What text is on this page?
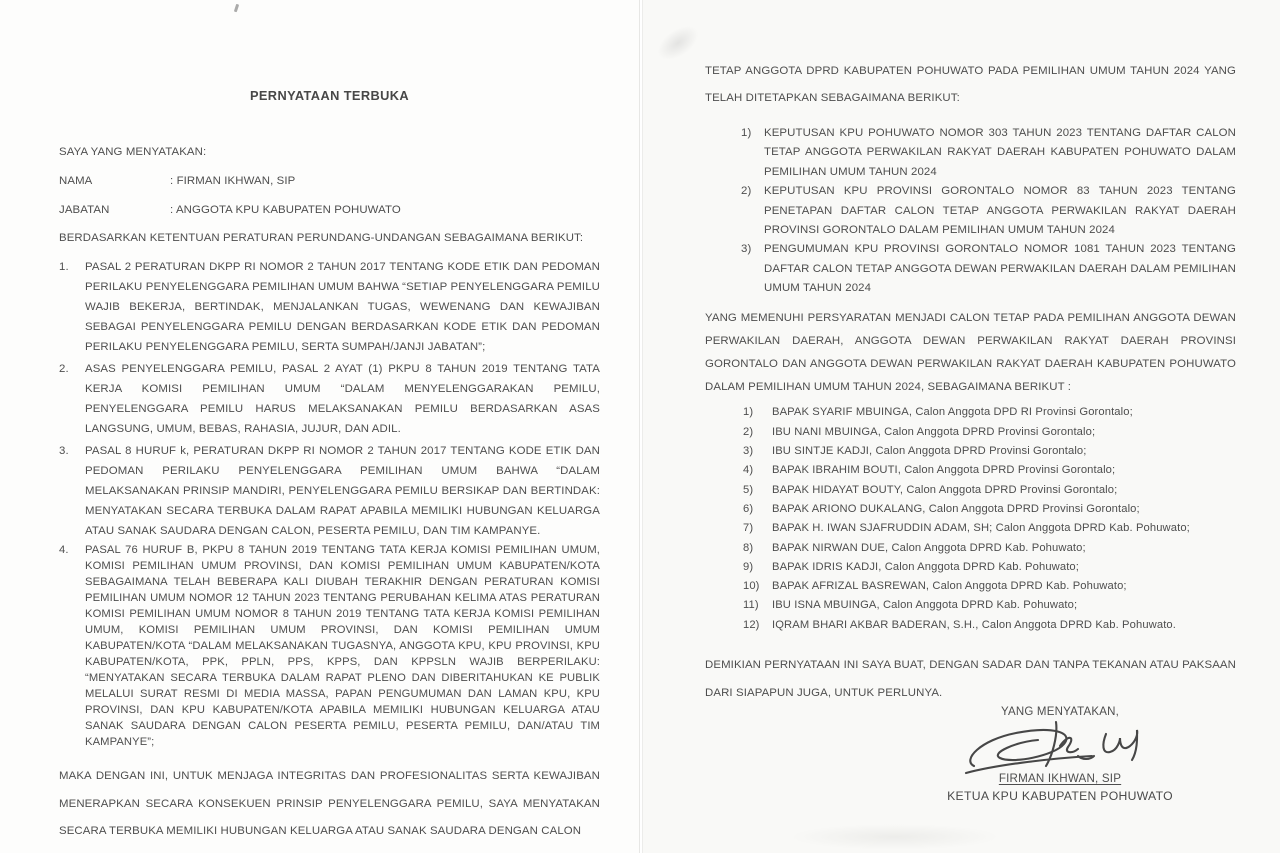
PERNYATAAN TERBUKA
SAYA YANG MENYATAKAN:
NAMA	: FIRMAN IKHWAN, SIP
JABATAN	: ANGGOTA KPU KABUPATEN POHUWATO
BERDASARKAN KETENTUAN PERATURAN PERUNDANG-UNDANGAN SEBAGAIMANA BERIKUT:
1.	PASAL 2 PERATURAN DKPP RI NOMOR 2 TAHUN 2017 TENTANG KODE ETIK DAN PEDOMAN PERILAKU PENYELENGGARA PEMILIHAN UMUM BAHWA “SETIAP PENYELENGGARA PEMILU WAJIB BEKERJA, BERTINDAK, MENJALANKAN TUGAS, WEWENANG DAN KEWAJIBAN SEBAGAI PENYELENGGARA PEMILU DENGAN BERDASARKAN KODE ETIK DAN PEDOMAN PERILAKU PENYELENGGARA PEMILU, SERTA SUMPAH/JANJI JABATAN”;
2.	ASAS PENYELENGGARA PEMILU, PASAL 2 AYAT (1) PKPU 8 TAHUN 2019 TENTANG TATA KERJA KOMISI PEMILIHAN UMUM “DALAM MENYELENGGARAKAN PEMILU, PENYELENGGARA PEMILU HARUS MELAKSANAKAN PEMILU BERDASARKAN ASAS LANGSUNG, UMUM, BEBAS, RAHASIA, JUJUR, DAN ADIL.
3.	PASAL 8 HURUF k, PERATURAN DKPP RI NOMOR 2 TAHUN 2017 TENTANG KODE ETIK DAN PEDOMAN PERILAKU PENYELENGGARA PEMILIHAN UMUM BAHWA “DALAM MELAKSANAKAN PRINSIP MANDIRI, PENYELENGGARA PEMILU BERSIKAP DAN BERTINDAK: MENYATAKAN SECARA TERBUKA DALAM RAPAT APABILA MEMILIKI HUBUNGAN KELUARGA ATAU SANAK SAUDARA DENGAN CALON, PESERTA PEMILU, DAN TIM KAMPANYE.
4.	PASAL 76 HURUF B, PKPU 8 TAHUN 2019 TENTANG TATA KERJA KOMISI PEMILIHAN UMUM, KOMISI PEMILIHAN UMUM PROVINSI, DAN KOMISI PEMILIHAN UMUM KABUPATEN/KOTA SEBAGAIMANA TELAH BEBERAPA KALI DIUBAH TERAKHIR DENGAN PERATURAN KOMISI PEMILIHAN UMUM NOMOR 12 TAHUN 2023 TENTANG PERUBAHAN KELIMA ATAS PERATURAN KOMISI PEMILIHAN UMUM NOMOR 8 TAHUN 2019 TENTANG TATA KERJA KOMISI PEMILIHAN UMUM, KOMISI PEMILIHAN UMUM PROVINSI, DAN KOMISI PEMILIHAN UMUM KABUPATEN/KOTA “DALAM MELAKSANAKAN TUGASNYA, ANGGOTA KPU, KPU PROVINSI, KPU KABUPATEN/KOTA, PPK, PPLN, PPS, KPPS, DAN KPPSLN WAJIB BERPERILAKU: “MENYATAKAN SECARA TERBUKA DALAM RAPAT PLENO DAN DIBERITAHUKAN KE PUBLIK MELALUI SURAT RESMI DI MEDIA MASSA, PAPAN PENGUMUMAN DAN LAMAN KPU, KPU PROVINSI, DAN KPU KABUPATEN/KOTA APABILA MEMILIKI HUBUNGAN KELUARGA ATAU SANAK SAUDARA DENGAN CALON PESERTA PEMILU, PESERTA PEMILU, DAN/ATAU TIM KAMPANYE”;
MAKA DENGAN INI, UNTUK MENJAGA INTEGRITAS DAN PROFESIONALITAS SERTA KEWAJIBAN MENERAPKAN SECARA KONSEKUEN PRINSIP PENYELENGGARA PEMILU, SAYA MENYATAKAN SECARA TERBUKA MEMILIKI HUBUNGAN KELUARGA ATAU SANAK SAUDARA DENGAN CALON
TETAP ANGGOTA DPRD KABUPATEN POHUWATO PADA PEMILIHAN UMUM TAHUN 2024 YANG TELAH DITETAPKAN SEBAGAIMANA BERIKUT:
1)	KEPUTUSAN KPU POHUWATO NOMOR 303 TAHUN 2023 TENTANG DAFTAR CALON TETAP ANGGOTA PERWAKILAN RAKYAT DAERAH KABUPATEN POHUWATO DALAM PEMILIHAN UMUM TAHUN 2024
2)	KEPUTUSAN KPU PROVINSI GORONTALO NOMOR 83 TAHUN 2023 TENTANG PENETAPAN DAFTAR CALON TETAP ANGGOTA PERWAKILAN RAKYAT DAERAH PROVINSI GORONTALO DALAM PEMILIHAN UMUM TAHUN 2024
3)	PENGUMUMAN KPU PROVINSI GORONTALO NOMOR 1081 TAHUN 2023 TENTANG DAFTAR CALON TETAP ANGGOTA DEWAN PERWAKILAN DAERAH DALAM PEMILIHAN UMUM TAHUN 2024
YANG MEMENUHI PERSYARATAN MENJADI CALON TETAP PADA PEMILIHAN ANGGOTA DEWAN PERWAKILAN DAERAH, ANGGOTA DEWAN PERWAKILAN RAKYAT DAERAH PROVINSI GORONTALO DAN ANGGOTA DEWAN PERWAKILAN RAKYAT DAERAH KABUPATEN POHUWATO DALAM PEMILIHAN UMUM TAHUN 2024, SEBAGAIMANA BERIKUT :
1)	BAPAK SYARIF MBUINGA, Calon Anggota DPD RI Provinsi Gorontalo;
2)	IBU NANI MBUINGA, Calon Anggota DPRD Provinsi Gorontalo;
3)	IBU SINTJE KADJI, Calon Anggota DPRD Provinsi Gorontalo;
4)	BAPAK IBRAHIM BOUTI, Calon Anggota DPRD Provinsi Gorontalo;
5)	BAPAK HIDAYAT BOUTY, Calon Anggota DPRD Provinsi Gorontalo;
6)	BAPAK ARIONO DUKALANG, Calon Anggota DPRD Provinsi Gorontalo;
7)	BAPAK H. IWAN SJAFRUDDIN ADAM, SH; Calon Anggota DPRD Kab. Pohuwato;
8)	BAPAK NIRWAN DUE, Calon Anggota DPRD Kab. Pohuwato;
9)	BAPAK IDRIS KADJI, Calon Anggota DPRD Kab. Pohuwato;
10)	BAPAK AFRIZAL BASREWAN, Calon Anggota DPRD Kab. Pohuwato;
11)	IBU ISNA MBUINGA, Calon Anggota DPRD Kab. Pohuwato;
12)	IQRAM BHARI AKBAR BADERAN, S.H., Calon Anggota DPRD Kab. Pohuwato.
DEMIKIAN PERNYATAAN INI SAYA BUAT, DENGAN SADAR DAN TANPA TEKANAN ATAU PAKSAAN DARI SIAPAPUN JUGA, UNTUK PERLUNYA.
YANG MENYATAKAN,
FIRMAN IKHWAN, SIP
KETUA KPU KABUPATEN POHUWATO
